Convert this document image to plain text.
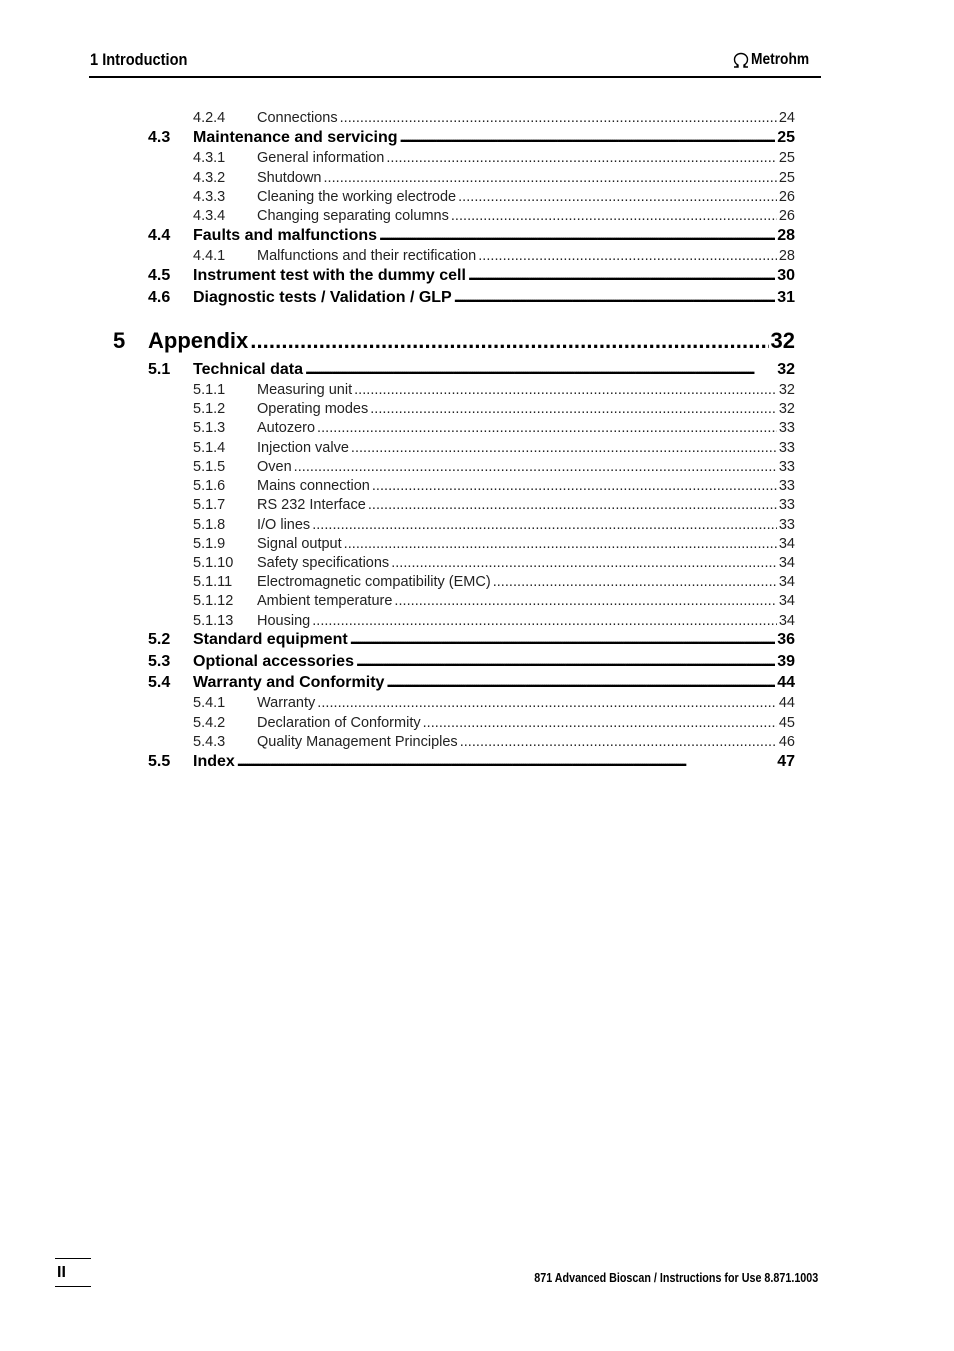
1 Introduction	Metrohm
4.2.4 Connections . . .	24
4.3 Maintenance and servicing . . .	25
4.3.1 General information . . .	25
4.3.2 Shutdown . . .	25
4.3.3 Cleaning the working electrode . . .	26
4.3.4 Changing separating columns . . .	26
4.4 Faults and malfunctions . . .	28
4.4.1 Malfunctions and their rectification . . .	28
4.5 Instrument test with the dummy cell . . .	30
4.6 Diagnostic tests / Validation / GLP . . .	31
5 Appendix . . .	32
5.1 Technical data . . .	32
5.1.1 Measuring unit . . .	32
5.1.2 Operating modes . . .	32
5.1.3 Autozero . . .	33
5.1.4 Injection valve . . .	33
5.1.5 Oven . . .	33
5.1.6 Mains connection . . .	33
5.1.7 RS 232 Interface . . .	33
5.1.8 I/O lines . . .	33
5.1.9 Signal output . . .	34
5.1.10 Safety specifications . . .	34
5.1.11 Electromagnetic compatibility (EMC) . . .	34
5.1.12 Ambient temperature . . .	34
5.1.13 Housing . . .	34
5.2 Standard equipment . . .	36
5.3 Optional accessories . . .	39
5.4 Warranty and Conformity . . .	44
5.4.1 Warranty . . .	44
5.4.2 Declaration of Conformity . . .	45
5.4.3 Quality Management Principles . . .	46
5.5 Index . . .	47
II	871 Advanced Bioscan / Instructions for Use 8.871.1003
